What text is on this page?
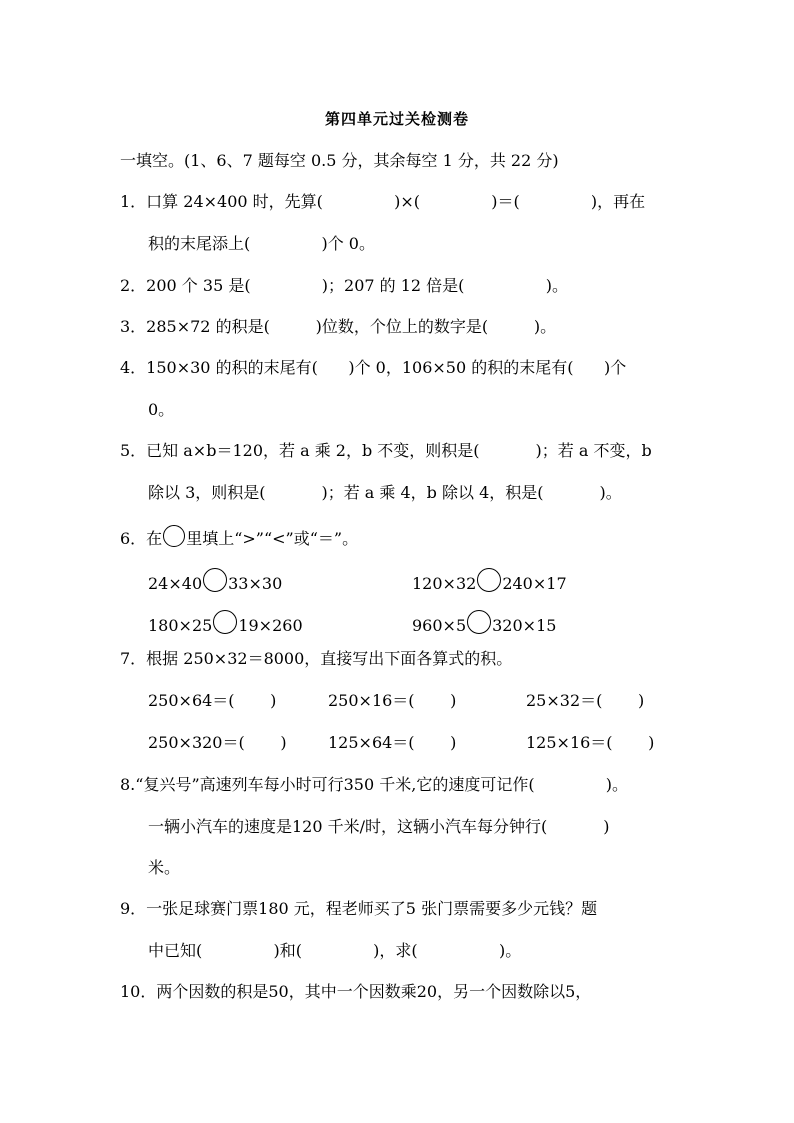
第四单元过关检测卷
一填空。(1、6、7 题每空 0.5 分，其余每空 1 分，共 22 分)
1．口算 24×400 时，先算(              )×(              )＝(              )，再在
积的末尾添上(              )个 0。
2．200 个 35 是(              )；207 的 12 倍是(                )。
3．285×72 的积是(         )位数，个位上的数字是(         )。
4．150×30 的积的末尾有(      )个 0，106×50 的积的末尾有(      )个
0。
5．已知 a×b＝120，若 a 乘 2，b 不变，则积是(           )；若 a 不变，b
除以 3，则积是(           )；若 a 乘 4，b 除以 4，积是(           )。
6．在 里填上“>”“<”或“＝”。
24×40 33×30	120×32 240×17
180×25 19×260	960×5 320×15
7．根据 250×32＝8000，直接写出下面各算式的积。
250×64＝(       )	250×16＝(       )	25×32＝(       )
250×320＝(       )	125×64＝(       )	125×16＝(       )
8.“复兴号”高速列车每小时可行350 千米,它的速度可记作(              )。
一辆小汽车的速度是120 千米/时，这辆小汽车每分钟行(           )
米。
9．一张足球赛门票180 元，程老师买了5 张门票需要多少元钱？题
中已知(              )和(              )，求(                )。
10．两个因数的积是50，其中一个因数乘20，另一个因数除以5，
